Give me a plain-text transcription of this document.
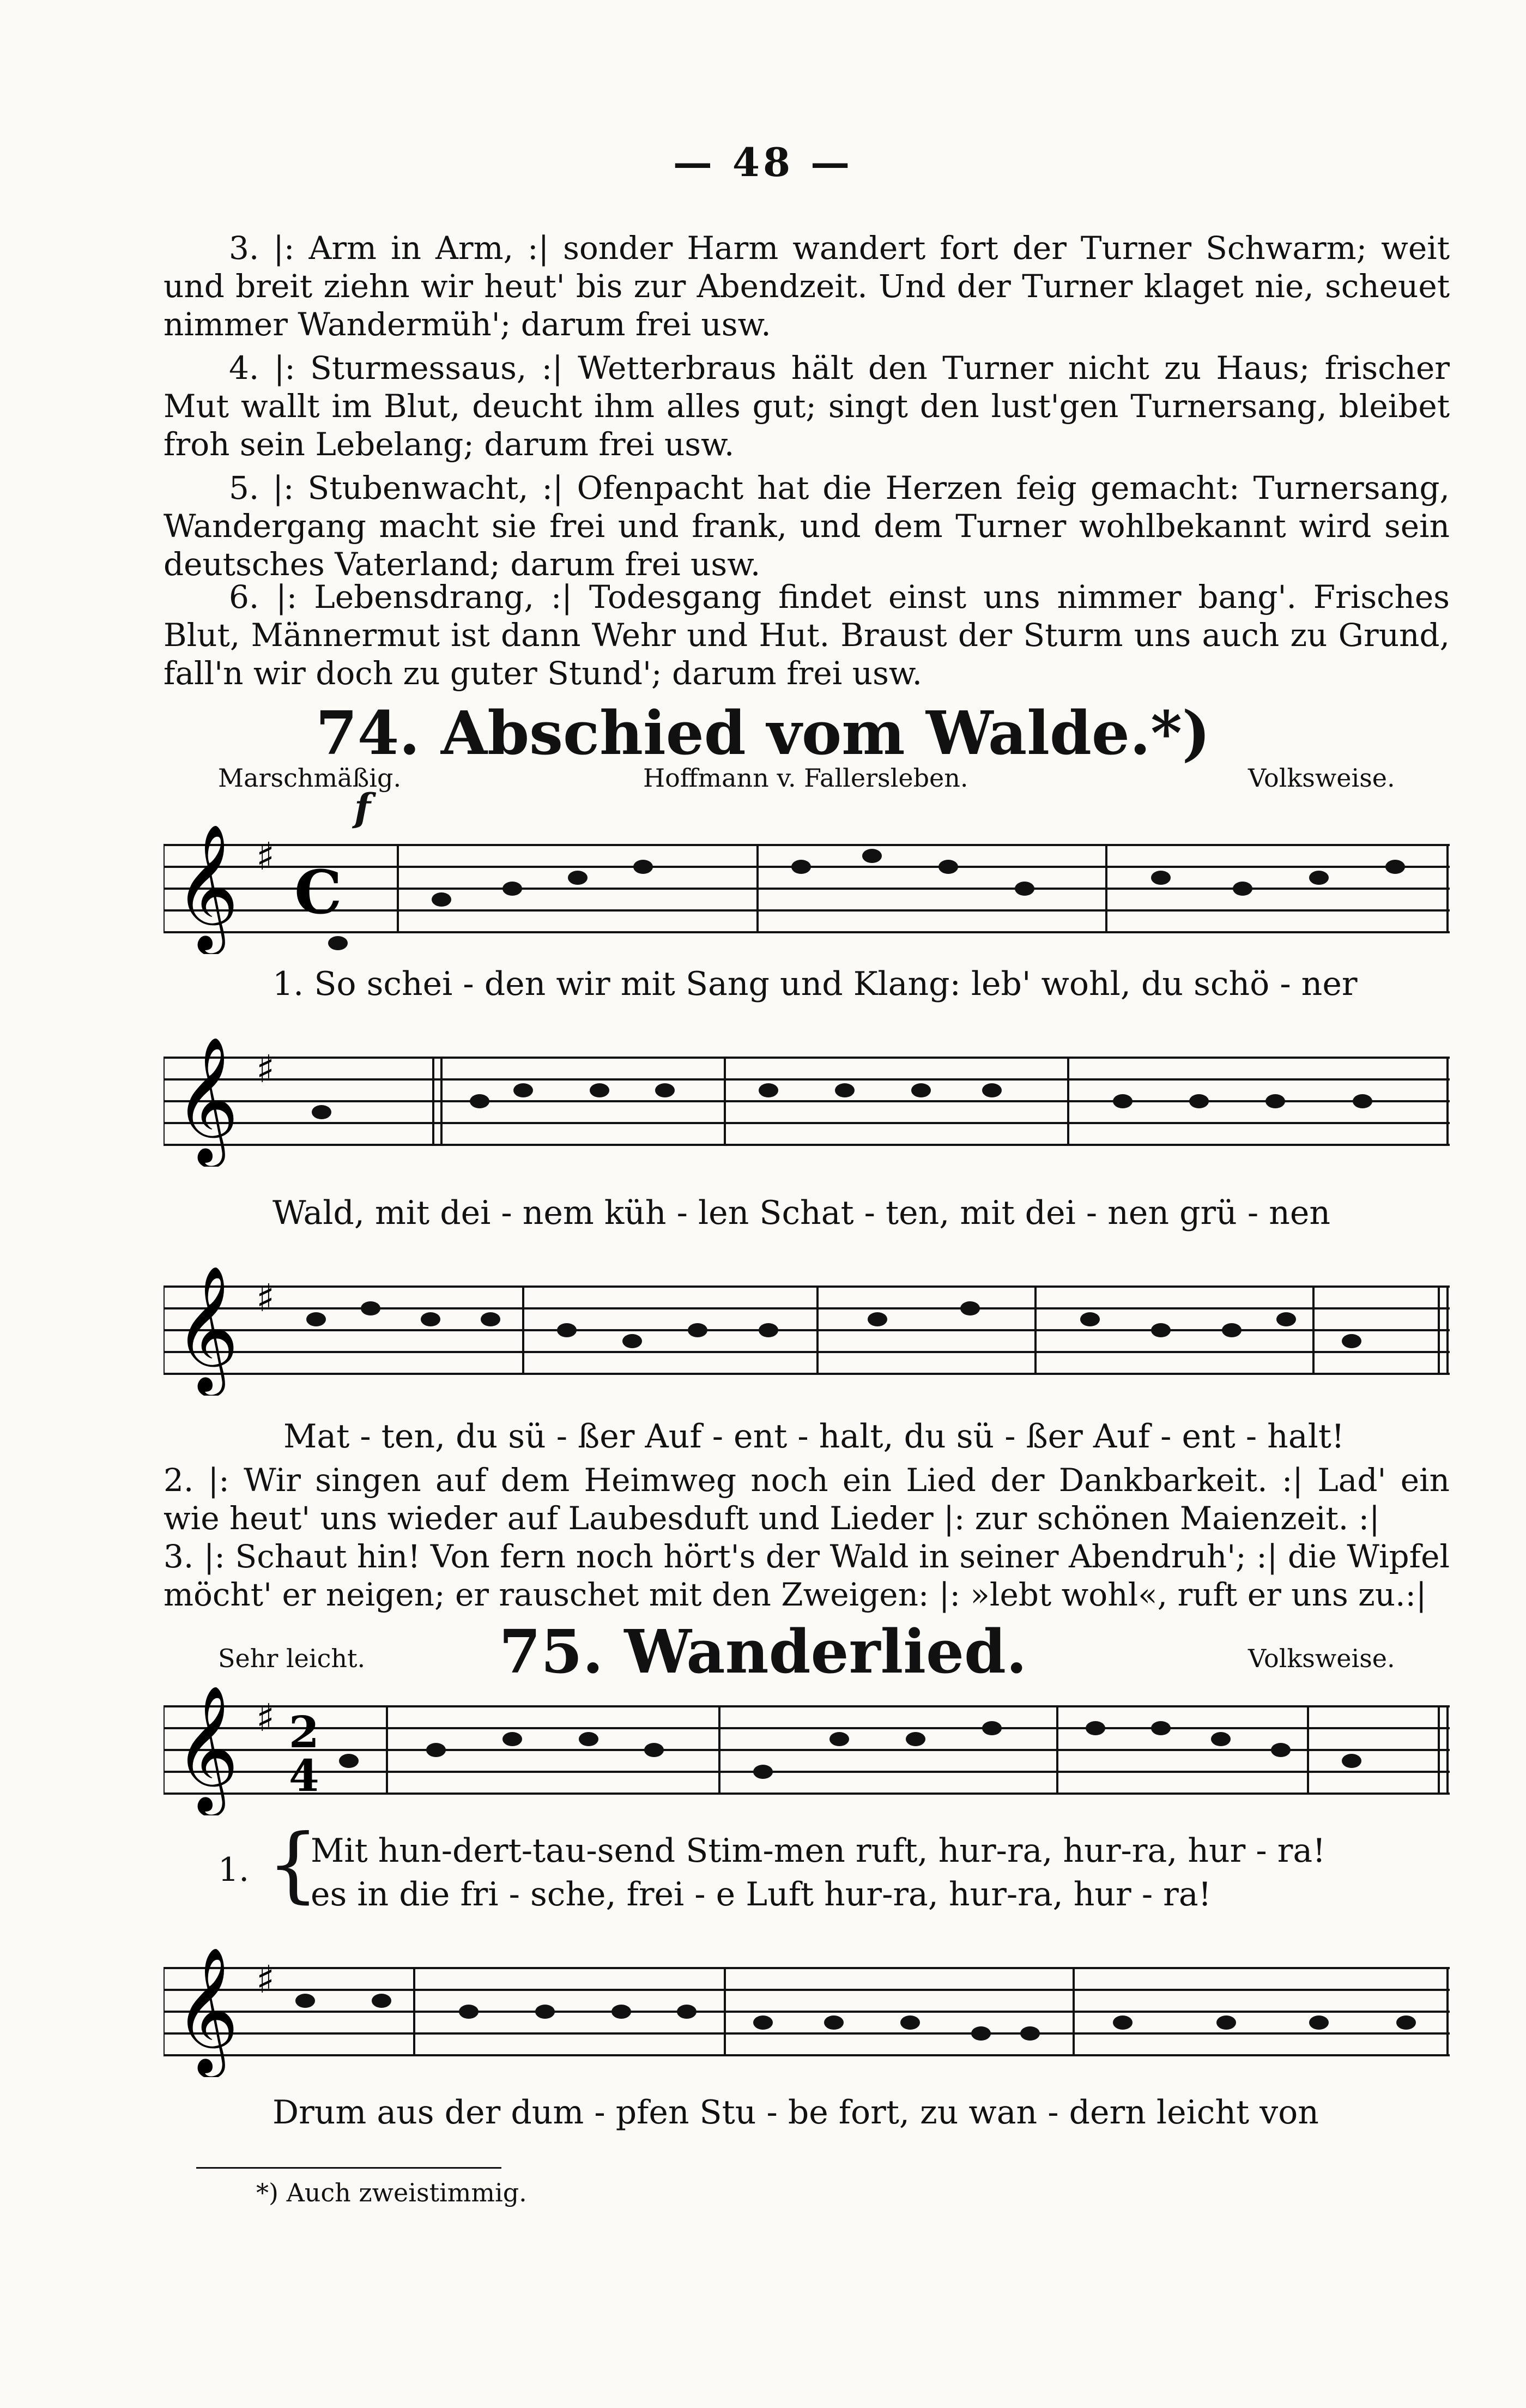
— 48 —
3. |: Arm in Arm, :| sonder Harm wandert fort der Turner Schwarm; weit und breit ziehn wir heut' bis zur Abendzeit. Und der Turner klaget nie, scheuet nimmer Wandermüh'; darum frei usw.
4. |: Sturmessaus, :| Wetterbraus hält den Turner nicht zu Haus; frischer Mut wallt im Blut, deucht ihm alles gut; singt den lust'gen Turnersang, bleibet froh sein Lebelang; darum frei usw.
5. |: Stubenwacht, :| Ofenpacht hat die Herzen feig gemacht: Turnersang, Wandergang macht sie frei und frank, und dem Turner wohlbekannt wird sein deutsches Vaterland; darum frei usw.
6. |: Lebensdrang, :| Todesgang findet einst uns nimmer bang'. Frisches Blut, Männermut ist dann Wehr und Hut. Braust der Sturm uns auch zu Grund, fall'n wir doch zu guter Stund'; darum frei usw.
74. Abschied vom Walde.*)
Marschmäßig.	Hoffmann v. Fallersleben.	Volksweise.
f
𝄞 ♯
C
1. So schei - den wir mit Sang und Klang: leb' wohl, du schö - ner
𝄞 ♯
Wald, mit dei - nem küh - len Schat - ten, mit dei - nen grü - nen
𝄞 ♯
Mat - ten, du sü - ßer Auf - ent - halt, du sü - ßer Auf - ent - halt!
2. |: Wir singen auf dem Heimweg noch ein Lied der Dankbarkeit. :| Lad' ein wie heut' uns wieder auf Laubesduft und Lieder |: zur schönen Maienzeit. :|
3. |: Schaut hin! Von fern noch hört's der Wald in seiner Abendruh'; :| die Wipfel möcht' er neigen; er rauschet mit den Zweigen: |: »lebt wohl«, ruft er uns zu.:|
75. Wanderlied.
Sehr leicht.	Volksweise.
𝄞 ♯ 2
4
Mit hun-dert-tau-send Stim-men ruft, hur-ra, hur-ra, hur - ra!
es in die fri - sche, frei - e Luft hur-ra, hur-ra, hur - ra!
1. {
𝄞 ♯
Drum aus der dum - pfen Stu - be fort, zu wan - dern leicht von
*) Auch zweistimmig.
